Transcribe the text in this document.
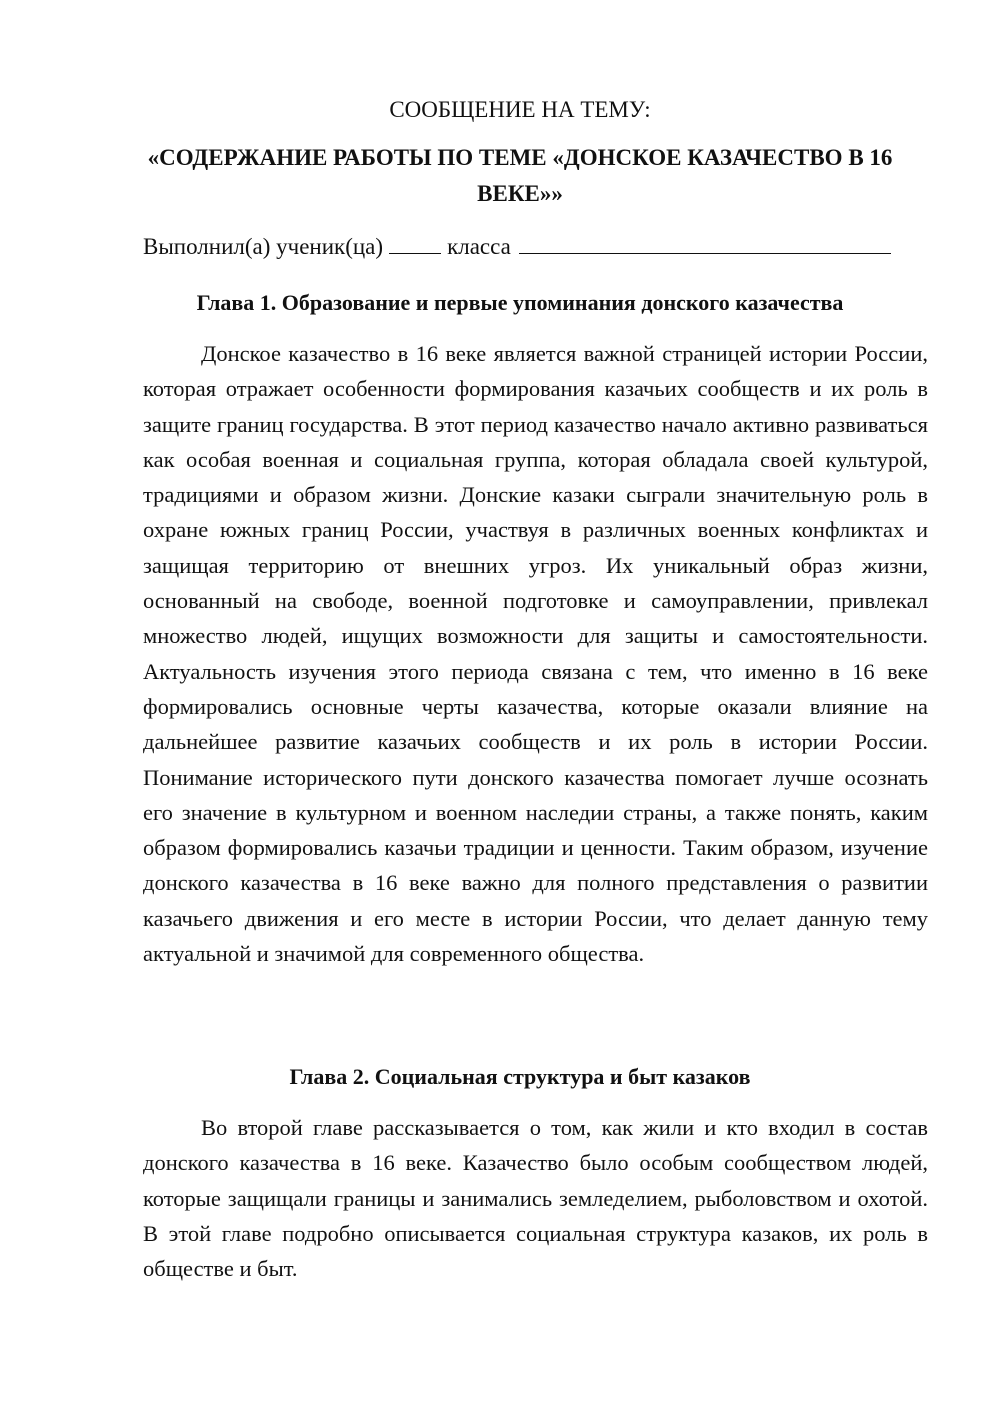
СООБЩЕНИЕ НА ТЕМУ:
«СОДЕРЖАНИЕ РАБОТЫ ПО ТЕМЕ «ДОНСКОЕ КАЗАЧЕСТВО В 16 ВЕКЕ»»
Выполнил(а) ученик(ца)	класса
Глава 1. Образование и первые упоминания донского казачества

Донское казачество в 16 веке является важной страницей истории России, которая отражает особенности формирования казачьих сообществ и их роль в защите границ государства. В этот период казачество начало активно развиваться как особая военная и социальная группа, которая обладала своей культурой, традициями и образом жизни. Донские казаки сыграли значительную роль в охране южных границ России, участвуя в различных военных конфликтах и защищая территорию от внешних угроз. Их уникальный образ жизни, основанный на свободе, военной подготовке и самоуправлении, привлекал множество людей, ищущих возможности для защиты и самостоятельности. Актуальность изучения этого периода связана с тем, что именно в 16 веке формировались основные черты казачества, которые оказали влияние на дальнейшее развитие казачьих сообществ и их роль в истории России. Понимание исторического пути донского казачества помогает лучше осознать его значение в культурном и военном наследии страны, а также понять, каким образом формировались казачьи традиции и ценности. Таким образом, изучение донского казачества в 16 веке важно для полного представления о развитии казачьего движения и его месте в истории России, что делает данную тему актуальной и значимой для современного общества.

Глава 2. Социальная структура и быт казаков

Во второй главе рассказывается о том, как жили и кто входил в состав донского казачества в 16 веке. Казачество было особым сообществом людей, которые защищали границы и занимались земледелием, рыболовством и охотой. В этой главе подробно описывается социальная структура казаков, их роль в обществе и быт.
